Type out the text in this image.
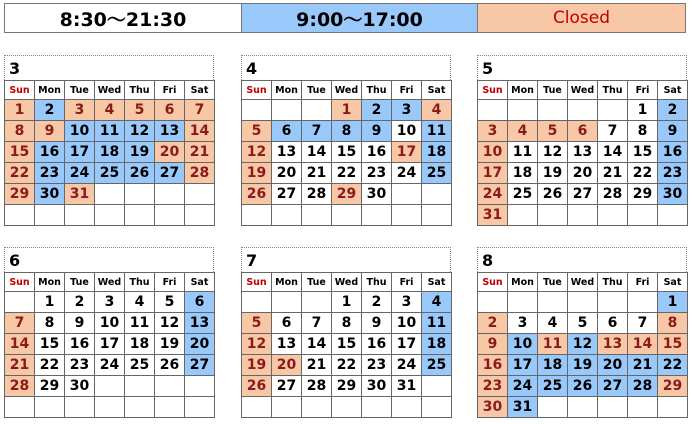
8:30〜21:30	9:00〜17:00	Closed
3
Sun	Mon	Tue	Wed	Thu	Fri	Sat
1	2	3	4	5	6	7
8	9	10	11	12	13	14
15	16	17	18	19	20	21
22	23	24	25	26	27	28
29	30	31				

4
Sun	Mon	Tue	Wed	Thu	Fri	Sat
			1	2	3	4
5	6	7	8	9	10	11
12	13	14	15	16	17	18
19	20	21	22	23	24	25
26	27	28	29	30		

5
Sun	Mon	Tue	Wed	Thu	Fri	Sat
					1	2
3	4	5	6	7	8	9
10	11	12	13	14	15	16
17	18	19	20	21	22	23
24	25	26	27	28	29	30
31						
6
Sun	Mon	Tue	Wed	Thu	Fri	Sat
	1	2	3	4	5	6
7	8	9	10	11	12	13
14	15	16	17	18	19	20
21	22	23	24	25	26	27
28	29	30				

7
Sun	Mon	Tue	Wed	Thu	Fri	Sat
			1	2	3	4
5	6	7	8	9	10	11
12	13	14	15	16	17	18
19	20	21	22	23	24	25
26	27	28	29	30	31	

8
Sun	Mon	Tue	Wed	Thu	Fri	Sat
						1
2	3	4	5	6	7	8
9	10	11	12	13	14	15
16	17	18	19	20	21	22
23	24	25	26	27	28	29
30	31					
